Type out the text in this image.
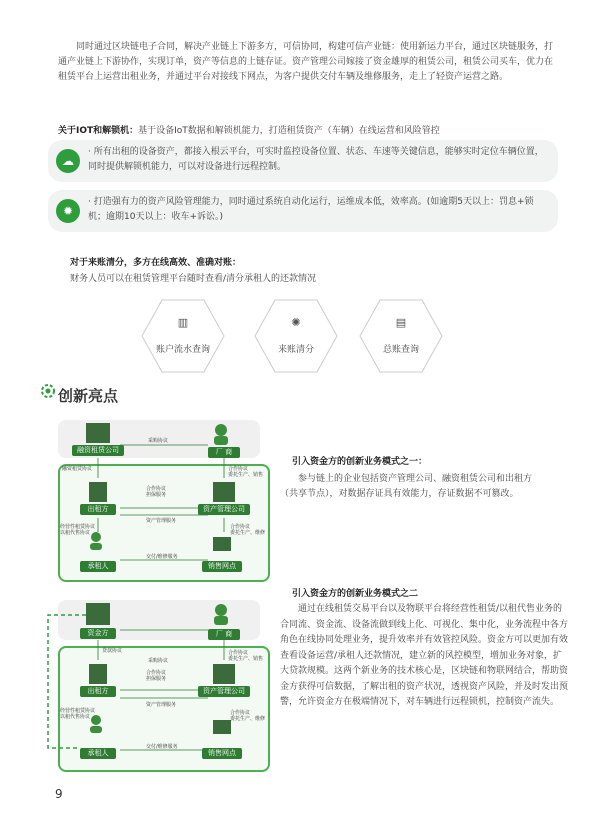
同时通过区块链电子合同，解决产业链上下游多方，可信协同，构建可信产业链：使用新运力平台，通过区块链服务，打通产业链上下游协作，实现订单，资产等信息的上链存证。资产管理公司嫁接了资金雄厚的租赁公司，租赁公司买车，优力在租赁平台上运营出租业务，并通过平台对接线下网点，为客户提供交付车辆及维修服务，走上了轻资产运营之路。

关于IOT和解锁机：基于设备IoT数据和解锁机能力，打造租赁资产（车辆）在线运营和风险管控

☁
· 所有出租的设备资产，都接入根云平台，可实时监控设备位置、状态、车速等关键信息，能够实时定位车辆位置，同时提供解锁机能力，可以对设备进行远程控制。
✹
· 打造强有力的资产风险管理能力，同时通过系统自动化运行，运维成本低，效率高。(如逾期5天以上：罚息+锁机；逾期10天以上：收车+诉讼。)

对于来账清分，多方在线高效、准确对账：

财务人员可以在租赁管理平台随时查看/清分承租人的还款情况

▥
账户流水查询
✺
来账清分
▤
总账查询
创新亮点
融资租赁公司	厂 商
出租方	资产管理公司
承租人	销售网点
采购协议
融资租赁协议
合作协议
担保服务
合作协议
委托生产、销售
资产管理服务
合作协议
委托生产、维修
经营性租赁协议
以租代售协议
交付/维修服务

引入资金方的创新业务模式之一：

参与链上的企业包括资产管理公司、融资租赁公司和出租方（共享节点），对数据存证具有效能力，存证数据不可篡改。

引入资金方的创新业务模式之二

通过在线租赁交易平台以及物联平台将经营性租赁/以租代售业务的合同流、资金流、设备流做到线上化、可视化、集中化，业务流程中各方角色在线协同处理业务，提升效率并有效管控风险。资金方可以更加有效查看设备运营/承租人还款情况，建立新的风控模型，增加业务对象，扩大贷款规模。这两个新业务的技术核心是，区块链和物联网结合，帮助资金方获得可信数据，了解出租的资产状况，透视资产风险，并及时发出预警，允许资金方在极端情况下，对车辆进行远程锁机，控制资产流失。

资金方	厂 商
出租方	资产管理公司
承租人	销售网点
贷款协议
采购协议
合作协议
担保服务
合作协议
委托生产、销售
资产管理服务
合作协议
委托生产、维修
经营性租赁协议
以租代售协议
交付/维修服务
9
